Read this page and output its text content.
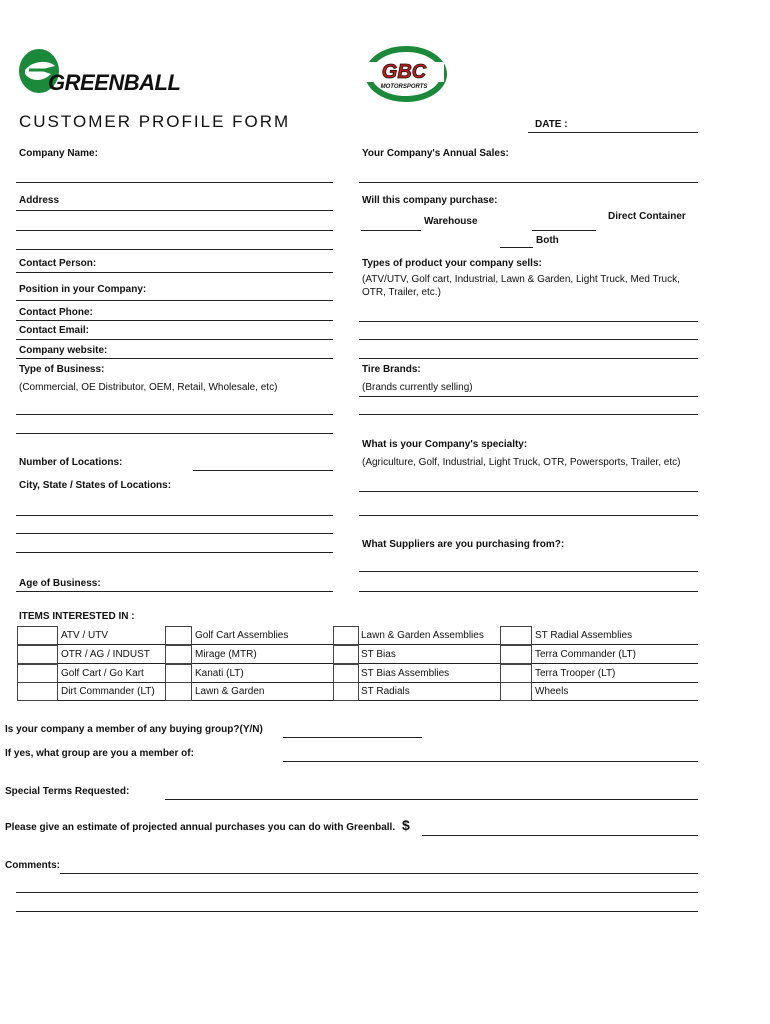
GREENBALL	GBC
MOTORSPORTS
CUSTOMER PROFILE FORM	DATE :
Company Name:
Address
Contact Person:
Position in your Company:
Contact Phone:
Contact Email:
Company website:
Type of Business:
(Commercial, OE Distributor, OEM, Retail, Wholesale, etc)
Number of Locations:
City, State / States of Locations:
Age of Business:
Your Company's Annual Sales:
Will this company purchase:
Direct Container
Warehouse
Both
Types of product your company sells:
(ATV/UTV, Golf cart, Industrial, Lawn & Garden, Light Truck, Med Truck,
OTR, Trailer, etc.)
Tire Brands:
(Brands currently selling)
What is your Company's specialty:
(Agriculture, Golf, Industrial, Light Truck, OTR, Powersports, Trailer, etc)
What Suppliers are you purchasing from?:
ITEMS INTERESTED IN :
ATV / UTV
OTR / AG / INDUST
Golf Cart / Go Kart
Dirt Commander (LT)
Golf Cart Assemblies
Mirage (MTR)
Kanati (LT)
Lawn & Garden
Lawn & Garden Assemblies
ST Bias
ST Bias Assemblies
ST Radials
ST Radial Assemblies
Terra Commander (LT)
Terra Trooper (LT)
Wheels
Is your company a member of any buying group?(Y/N)
If yes, what group are you a member of:
Special Terms Requested:
Please give an estimate of projected annual purchases you can do with Greenball. $
Comments:
